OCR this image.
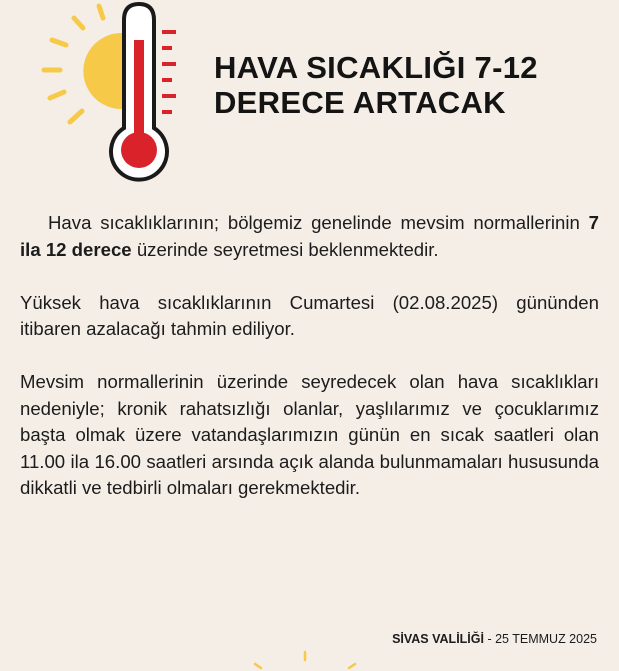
HAVA SICAKLIĞI 7-12
DERECE ARTACAK

Hava sıcaklıklarının; bölgemiz genelinde mevsim normallerinin 7 ila 12 derece üzerinde seyretmesi beklenmektedir.

Yüksek hava sıcaklıklarının Cumartesi (02.08.2025) gününden itibaren azalacağı tahmin ediliyor.

Mevsim normallerinin üzerinde seyredecek olan hava sıcaklıkları nedeniyle; kronik rahatsızlığı olanlar, yaşlılarımız ve çocuklarımız başta olmak üzere vatandaşlarımızın günün en sıcak saatleri olan 11.00 ila 16.00 saatleri arsında açık alanda bulunmamaları hususunda dikkatli ve tedbirli olmaları gerekmektedir.

SİVAS VALİLİĞİ - 25 TEMMUZ 2025
